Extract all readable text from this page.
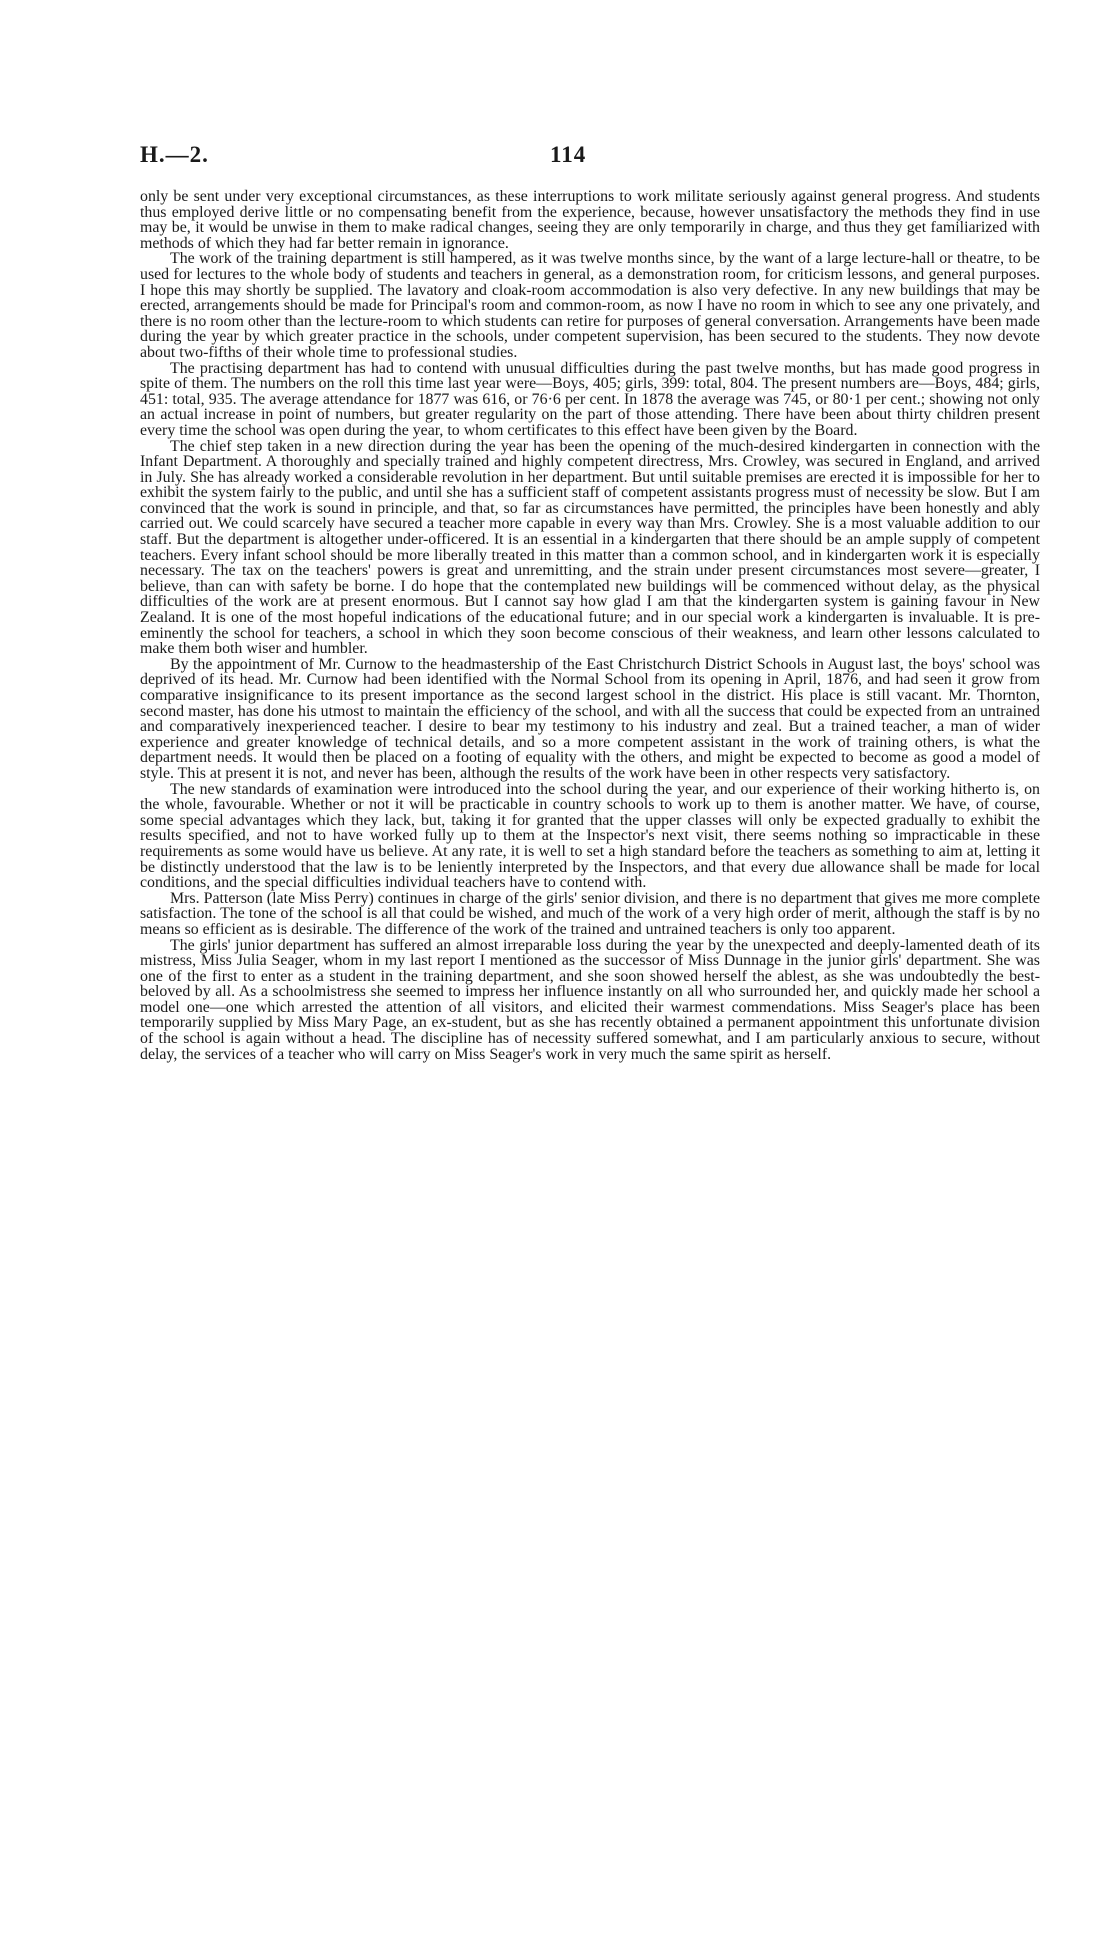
H.—2.	114

only be sent under very exceptional circumstances, as these interruptions to work militate seriously against general progress. And students thus employed derive little or no compensating benefit from the experience, because, however unsatisfactory the methods they find in use may be, it would be unwise in them to make radical changes, seeing they are only temporarily in charge, and thus they get familiarized with methods of which they had far better remain in ignorance.

The work of the training department is still hampered, as it was twelve months since, by the want of a large lecture-hall or theatre, to be used for lectures to the whole body of students and teachers in general, as a demonstration room, for criticism lessons, and general purposes. I hope this may shortly be supplied. The lavatory and cloak-room accommodation is also very defective. In any new buildings that may be erected, arrangements should be made for Principal's room and common-room, as now I have no room in which to see any one privately, and there is no room other than the lecture-room to which students can retire for purposes of general conversation. Arrangements have been made during the year by which greater practice in the schools, under competent supervision, has been secured to the students. They now devote about two-fifths of their whole time to professional studies.

The practising department has had to contend with unusual difficulties during the past twelve months, but has made good progress in spite of them. The numbers on the roll this time last year were—Boys, 405; girls, 399: total, 804. The present numbers are—Boys, 484; girls, 451: total, 935. The average attendance for 1877 was 616, or 76·6 per cent. In 1878 the average was 745, or 80·1 per cent.; showing not only an actual increase in point of numbers, but greater regularity on the part of those attending. There have been about thirty children present every time the school was open during the year, to whom certificates to this effect have been given by the Board.

The chief step taken in a new direction during the year has been the opening of the much-desired kindergarten in connection with the Infant Department. A thoroughly and specially trained and highly competent directress, Mrs. Crowley, was secured in England, and arrived in July. She has already worked a considerable revolution in her department. But until suitable premises are erected it is impossible for her to exhibit the system fairly to the public, and until she has a sufficient staff of competent assistants progress must of necessity be slow. But I am convinced that the work is sound in principle, and that, so far as circumstances have permitted, the principles have been honestly and ably carried out. We could scarcely have secured a teacher more capable in every way than Mrs. Crowley. She is a most valuable addition to our staff. But the department is altogether under-officered. It is an essential in a kindergarten that there should be an ample supply of competent teachers. Every infant school should be more liberally treated in this matter than a common school, and in kindergarten work it is especially necessary. The tax on the teachers' powers is great and unremitting, and the strain under present circumstances most severe—greater, I believe, than can with safety be borne. I do hope that the contemplated new buildings will be commenced without delay, as the physical difficulties of the work are at present enormous. But I cannot say how glad I am that the kindergarten system is gaining favour in New Zealand. It is one of the most hopeful indications of the educational future; and in our special work a kindergarten is invaluable. It is pre-eminently the school for teachers, a school in which they soon become conscious of their weakness, and learn other lessons calculated to make them both wiser and humbler.

By the appointment of Mr. Curnow to the headmastership of the East Christchurch District Schools in August last, the boys' school was deprived of its head. Mr. Curnow had been identified with the Normal School from its opening in April, 1876, and had seen it grow from comparative insignificance to its present importance as the second largest school in the district. His place is still vacant. Mr. Thornton, second master, has done his utmost to maintain the efficiency of the school, and with all the success that could be expected from an untrained and comparatively inexperienced teacher. I desire to bear my testimony to his industry and zeal. But a trained teacher, a man of wider experience and greater knowledge of technical details, and so a more competent assistant in the work of training others, is what the department needs. It would then be placed on a footing of equality with the others, and might be expected to become as good a model of style. This at present it is not, and never has been, although the results of the work have been in other respects very satisfactory.

The new standards of examination were introduced into the school during the year, and our experience of their working hitherto is, on the whole, favourable. Whether or not it will be practicable in country schools to work up to them is another matter. We have, of course, some special advantages which they lack, but, taking it for granted that the upper classes will only be expected gradually to exhibit the results specified, and not to have worked fully up to them at the Inspector's next visit, there seems nothing so impracticable in these requirements as some would have us believe. At any rate, it is well to set a high standard before the teachers as something to aim at, letting it be distinctly understood that the law is to be leniently interpreted by the Inspectors, and that every due allowance shall be made for local conditions, and the special difficulties individual teachers have to contend with.

Mrs. Patterson (late Miss Perry) continues in charge of the girls' senior division, and there is no department that gives me more complete satisfaction. The tone of the school is all that could be wished, and much of the work of a very high order of merit, although the staff is by no means so efficient as is desirable. The difference of the work of the trained and untrained teachers is only too apparent.

The girls' junior department has suffered an almost irreparable loss during the year by the unexpected and deeply-lamented death of its mistress, Miss Julia Seager, whom in my last report I mentioned as the successor of Miss Dunnage in the junior girls' department. She was one of the first to enter as a student in the training department, and she soon showed herself the ablest, as she was undoubtedly the best-beloved by all. As a schoolmistress she seemed to impress her influence instantly on all who surrounded her, and quickly made her school a model one—one which arrested the attention of all visitors, and elicited their warmest commendations. Miss Seager's place has been temporarily supplied by Miss Mary Page, an ex-student, but as she has recently obtained a permanent appointment this unfortunate division of the school is again without a head. The discipline has of necessity suffered somewhat, and I am particularly anxious to secure, without delay, the services of a teacher who will carry on Miss Seager's work in very much the same spirit as herself.
